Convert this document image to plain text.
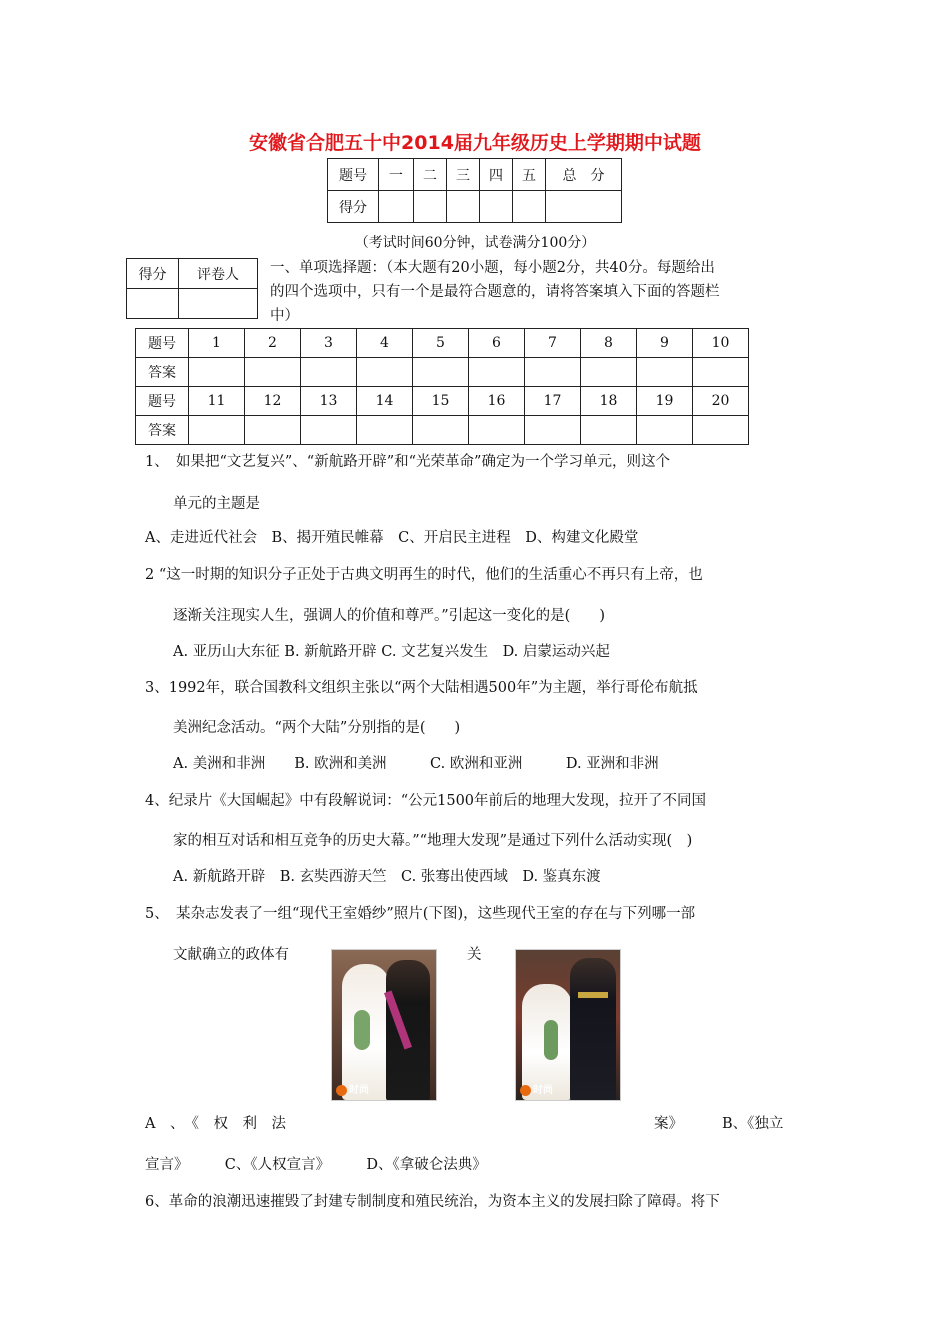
安徽省合肥五十中2014届九年级历史上学期期中试题
题号	一	二	三	四	五	总　分
得分						
（考试时间60分钟，试卷满分100分）
得分	评卷人
	一、单项选择题：（本大题有20小题，每小题2分，共40分。每题给出
的四个选项中，只有一个是最符合题意的，请将答案填入下面的答题栏
中）
题号	1	2	3	4	5	6	7	8	9	10
答案										
题号	11	12	13	14	15	16	17	18	19	20
答案										
1、　如果把“文艺复兴”、“新航路开辟”和“光荣革命”确定为一个学习单元，则这个
单元的主题是
A、走进近代社会　B、揭开殖民帷幕　C、开启民主进程　D、构建文化殿堂
2 “这一时期的知识分子正处于古典文明再生的时代，他们的生活重心不再只有上帝，也
逐渐关注现实人生，强调人的价值和尊严。”引起这一变化的是(　　)
A. 亚历山大东征 B. 新航路开辟 C. 文艺复兴发生　D. 启蒙运动兴起
3、1992年，联合国教科文组织主张以“两个大陆相遇500年”为主题，举行哥伦布航抵
美洲纪念活动。“两个大陆”分别指的是(　　)
A. 美洲和非洲　　B. 欧洲和美洲　　　C. 欧洲和亚洲　　　D. 亚洲和非洲
4、纪录片《大国崛起》中有段解说词：“公元1500年前后的地理大发现，拉开了不同国
家的相互对话和相互竞争的历史大幕。”“地理大发现”是通过下列什么活动实现(　)
A. 新航路开辟　B. 玄奘西游天竺　C. 张骞出使西域　D. 鉴真东渡
5、　某杂志发表了一组“现代王室婚纱”照片(下图)，这些现代王室的存在与下列哪一部
文献确立的政体有	关
时尚	时尚
A　、　《　权　利　法	案》	B、《独立
宣言》　　　C、《人权宣言》　　　D、《拿破仑法典》
6、革命的浪潮迅速摧毁了封建专制制度和殖民统治，为资本主义的发展扫除了障碍。将下
